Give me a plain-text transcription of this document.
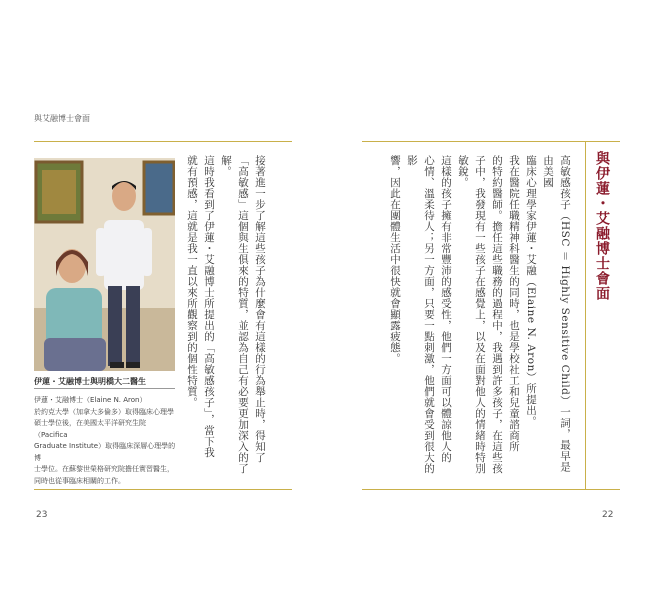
與艾融博士會面
與伊蓮・艾融博士會面
高敏感孩子（HSC ＝ Highly Sensitive Child）一詞，最早是由美國
臨床心理學家伊蓮・艾融（Elaine N. Aron）所提出。
我在醫院任職精神科醫生的同時，也是學校社工和兒童諮商所
的特約醫師。擔任這些職務的過程中，我遇到許多孩子，在這些孩
子中，我發現有一些孩子在感覺上，以及在面對他人的情緒時特別
敏銳。
這樣的孩子擁有非常豐沛的感受性，他們一方面可以體諒他人的
心情、溫柔待人；另一方面，只要一點刺激，他們就會受到很大的影
響，因此在團體生活中很快就會顯露疲態。
接著進一步了解這些孩子為什麼會有這樣的行為舉止時，得知了
「高敏感」這個與生俱來的特質，並認為自己有必要更加深入的了解。
這時我看到了伊蓮・艾融博士所提出的「高敏感孩子」，當下我
就有預感，這就是我一直以來所觀察到的個性特質。
伊蓮・艾融博士與明橋大二醫生

伊蓮・艾融博士（Elaine N. Aron）

於約克大學（加拿大多倫多）取得臨床心理學

碩士學位後，在美國太平洋研究生院（Pacifica

Graduate Institute）取得臨床深層心理學的博

士學位。在蘇黎世榮格研究院擔任實習醫生，

同時也從事臨床相關的工作。

23	22
